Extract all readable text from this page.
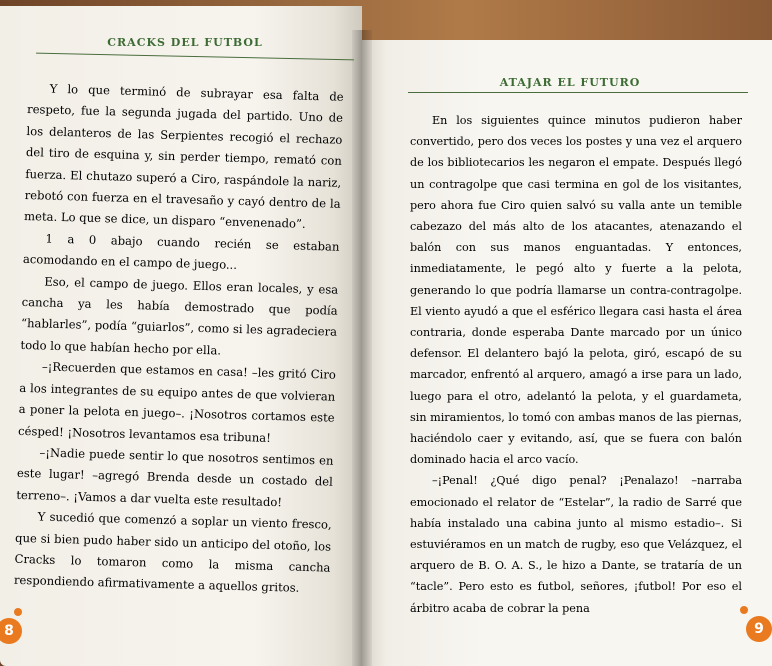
CRACKS DEL FUTBOL

Y lo que terminó de subrayar esa falta de respeto, fue la segunda jugada del partido. Uno de los delanteros de las Serpientes recogió el rechazo del tiro de esquina y, sin perder tiempo, remató con fuerza. El chutazo superó a Ciro, raspándole la nariz, rebotó con fuerza en el travesaño y cayó dentro de la meta. Lo que se dice, un disparo “envenenado”.

1 a 0 abajo cuando recién se estaban acomodando en el campo de juego...

Eso, el campo de juego. Ellos eran locales, y esa cancha ya les había demostrado que podía “hablarles”, podía “guiarlos”, como si les agradeciera todo lo que habían hecho por ella.

–¡Recuerden que estamos en casa! –les gritó Ciro a los integrantes de su equipo antes de que volvieran a poner la pelota en juego–. ¡Nosotros cortamos este césped! ¡Nosotros levantamos esa tribuna!

–¡Nadie puede sentir lo que nosotros sentimos en este lugar! –agregó Brenda desde un costado del terreno–. ¡Vamos a dar vuelta este resultado!

Y sucedió que comenzó a soplar un viento fresco, que si bien pudo haber sido un anticipo del otoño, los Cracks lo tomaron como la misma cancha respondiendo afirmativamente a aquellos gritos.

ATAJAR EL FUTURO

En los siguientes quince minutos pudieron haber convertido, pero dos veces los postes y una vez el arquero de los bibliotecarios les negaron el empate. Después llegó un contragolpe que casi termina en gol de los visitantes, pero ahora fue Ciro quien salvó su valla ante un temible cabezazo del más alto de los atacantes, atenazando el balón con sus manos enguantadas. Y entonces, inmediatamente, le pegó alto y fuerte a la pelota, generando lo que podría llamarse un contra-contragolpe. El viento ayudó a que el esférico llegara casi hasta el área contraria, donde esperaba Dante marcado por un único defensor. El delantero bajó la pelota, giró, escapó de su marcador, enfrentó al arquero, amagó a irse para un lado, luego para el otro, adelantó la pelota, y el guardameta, sin miramientos, lo tomó con ambas manos de las piernas, haciéndolo caer y evitando, así, que se fuera con balón dominado hacia el arco vacío.

–¡Penal! ¿Qué digo penal? ¡Penalazo! –narraba emocionado el relator de “Estelar”, la radio de Sarré que había instalado una cabina junto al mismo estadio–. Si estuviéramos en un match de rugby, eso que Velázquez, el arquero de B. O. A. S., le hizo a Dante, se trataría de un “tacle”. Pero esto es futbol, señores, ¡futbol! Por eso el árbitro acaba de cobrar la pena

8	9
